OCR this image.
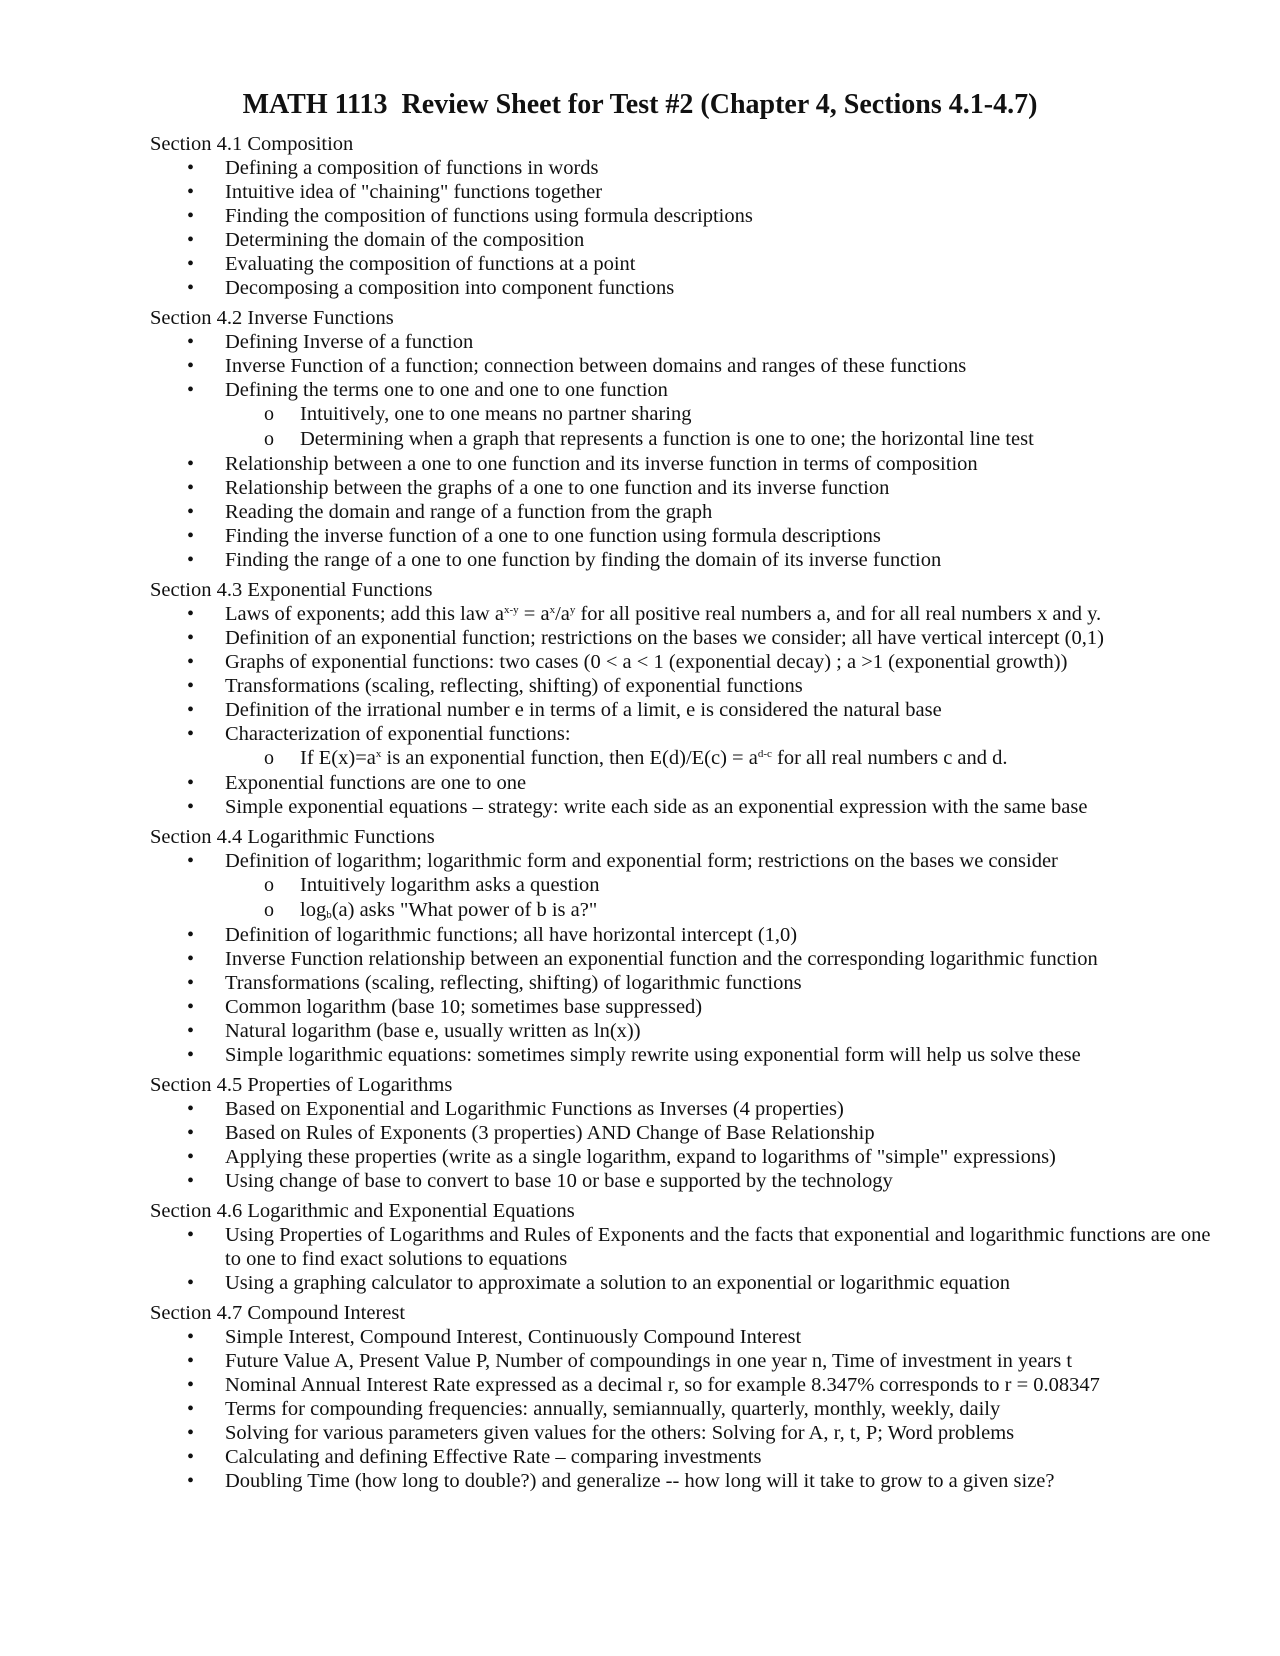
MATH 1113  Review Sheet for Test #2 (Chapter 4, Sections 4.1-4.7)
Section 4.1 Composition
• Defining a composition of functions in words
• Intuitive idea of "chaining" functions together
• Finding the composition of functions using formula descriptions
• Determining the domain of the composition
• Evaluating the composition of functions at a point
• Decomposing a composition into component functions
Section 4.2 Inverse Functions
• Defining Inverse of a function
• Inverse Function of a function; connection between domains and ranges of these functions
• Defining the terms one to one and one to one function
o Intuitively, one to one means no partner sharing
o Determining when a graph that represents a function is one to one; the horizontal line test
• Relationship between a one to one function and its inverse function in terms of composition
• Relationship between the graphs of a one to one function and its inverse function
• Reading the domain and range of a function from the graph
• Finding the inverse function of a one to one function using formula descriptions
• Finding the range of a one to one function by finding the domain of its inverse function
Section 4.3 Exponential Functions
• Laws of exponents; add this law $a^{x-y} = a^x/a^y$ for all positive real numbers a, and for all real numbers x and y.
• Definition of an exponential function; restrictions on the bases we consider; all have vertical intercept (0,1)
• Graphs of exponential functions: two cases (0 < a < 1 (exponential decay) ; a >1 (exponential growth))
• Transformations (scaling, reflecting, shifting) of exponential functions
• Definition of the irrational number e in terms of a limit, e is considered the natural base
• Characterization of exponential functions:
o If $E(x)=a^x$ is an exponential function, then $E(d)/E(c) = a^{d-c}$ for all real numbers c and d.
• Exponential functions are one to one
• Simple exponential equations – strategy: write each side as an exponential expression with the same base
Section 4.4 Logarithmic Functions
• Definition of logarithm; logarithmic form and exponential form; restrictions on the bases we consider
o Intuitively logarithm asks a question
o $\log_b(a)$ asks "What power of b is a?"
• Definition of logarithmic functions; all have horizontal intercept (1,0)
• Inverse Function relationship between an exponential function and the corresponding logarithmic function
• Transformations (scaling, reflecting, shifting) of logarithmic functions
• Common logarithm (base 10; sometimes base suppressed)
• Natural logarithm (base e, usually written as ln(x))
• Simple logarithmic equations: sometimes simply rewrite using exponential form will help us solve these
Section 4.5 Properties of Logarithms
• Based on Exponential and Logarithmic Functions as Inverses (4 properties)
• Based on Rules of Exponents (3 properties) AND Change of Base Relationship
• Applying these properties (write as a single logarithm, expand to logarithms of "simple" expressions)
• Using change of base to convert to base 10 or base e supported by the technology
Section 4.6 Logarithmic and Exponential Equations
• Using Properties of Logarithms and Rules of Exponents and the facts that exponential and logarithmic functions are one to one to find exact solutions to equations
• Using a graphing calculator to approximate a solution to an exponential or logarithmic equation
Section 4.7 Compound Interest
• Simple Interest, Compound Interest, Continuously Compound Interest
• Future Value A, Present Value P, Number of compoundings in one year n, Time of investment in years t
• Nominal Annual Interest Rate expressed as a decimal r, so for example 8.347% corresponds to r = 0.08347
• Terms for compounding frequencies: annually, semiannually, quarterly, monthly, weekly, daily
• Solving for various parameters given values for the others: Solving for A, r, t, P; Word problems
• Calculating and defining Effective Rate – comparing investments
• Doubling Time (how long to double?) and generalize -- how long will it take to grow to a given size?
